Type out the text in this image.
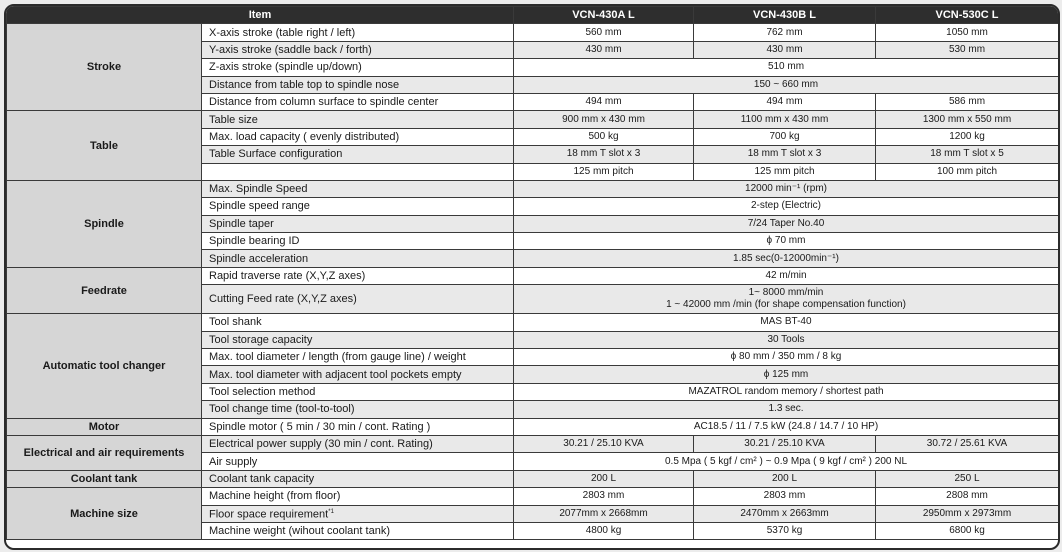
Item		VCN-430A L	VCN-430B L	VCN-530C L
Stroke	X-axis stroke (table right / left)	560 mm	762 mm	1050 mm
	Y-axis stroke (saddle back / forth)	430 mm	430 mm	530 mm
	Z-axis stroke (spindle up/down)	510 mm		
	Distance from table top to spindle nose	150 ~ 660 mm		
	Distance from column surface to spindle center	494 mm	494 mm	586 mm
Table	Table size	900 mm x 430 mm	1100 mm x 430 mm	1300 mm x 550 mm
	Max. load capacity ( evenly distributed)	500 kg	700 kg	1200 kg
	Table Surface configuration	18 mm T slot x 3	18 mm T slot x 3	18 mm T slot x 5
		125 mm pitch	125 mm pitch	100 mm pitch
Spindle	Max. Spindle Speed	12000 min⁻¹ (rpm)		
	Spindle speed range	2-step (Electric)		
	Spindle taper	7/24 Taper No.40		
	Spindle bearing ID	ϕ 70 mm		
	Spindle acceleration	1.85 sec(0-12000min⁻¹)		
Feedrate	Rapid traverse rate (X,Y,Z axes)	42 m/min		
	Cutting Feed rate (X,Y,Z axes)	1~ 8000 mm/min
1 ~ 42000 mm /min (for shape compensation function)		

Automatic tool changer	Tool shank	MAS BT-40		
	Tool storage capacity	30 Tools		
	Max. tool diameter / length (from gauge line) / weight	ϕ 80 mm / 350 mm / 8 kg		
	Max. tool diameter with adjacent tool pockets empty	ϕ 125 mm		
	Tool selection method	MAZATROL random memory / shortest path		
	Tool change time (tool-to-tool)	1.3 sec.		
Motor	Spindle motor ( 5 min / 30 min / cont. Rating )	AC18.5 / 11 / 7.5 kW (24.8 / 14.7 / 10 HP)		
Electrical and air requirements	Electrical power supply (30 min / cont. Rating)	30.21 / 25.10 KVA	30.21 / 25.10 KVA	30.72 / 25.61 KVA
	Air supply	0.5 Mpa ( 5 kgf / cm² ) ~ 0.9 Mpa ( 9 kgf / cm² ) 200 NL		
Coolant tank	Coolant tank capacity	200 L	200 L	250 L
Machine size	Machine height (from floor)	2803 mm	2803 mm	2808 mm
	Floor space requirement$^{*1}$	2077mm x 2668mm	2470mm x 2663mm	2950mm x 2973mm
	Machine weight (wihout coolant tank)	4800 kg	5370 kg	6800 kg
